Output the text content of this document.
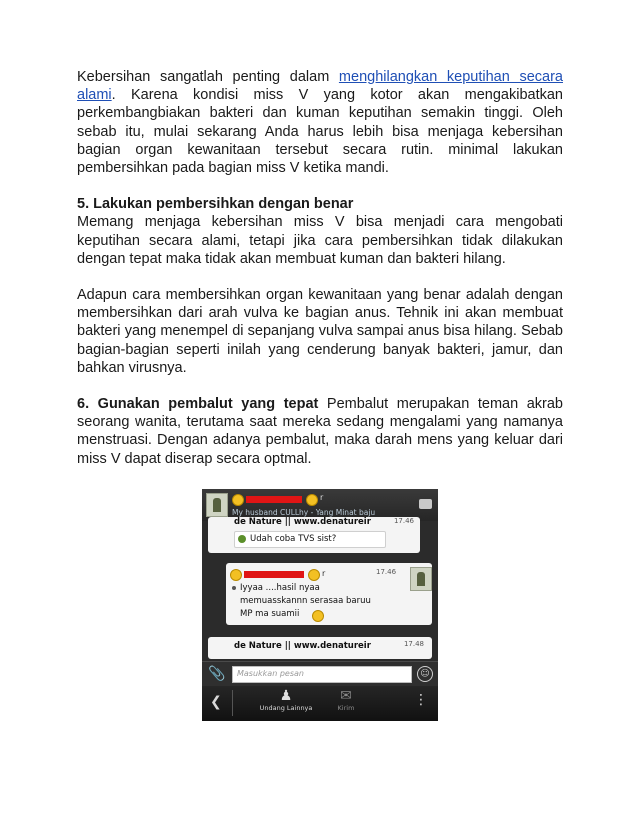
Kebersihan sangatlah penting dalam menghilangkan keputihan secara alami. Karena kondisi miss V yang kotor akan mengakibatkan perkembangbiakan bakteri dan kuman keputihan semakin tinggi. Oleh sebab itu, mulai sekarang Anda harus lebih bisa menjaga kebersihan bagian organ kewanitaan tersebut secara rutin. minimal lakukan pembersihkan pada bagian miss V ketika mandi.

5. Lakukan pembersihkan dengan benar
Memang menjaga kebersihan miss V bisa menjadi cara mengobati keputihan secara alami, tetapi jika cara pembersihkan tidak dilakukan dengan tepat maka tidak akan membuat kuman dan bakteri hilang.

Adapun cara membersihkan organ kewanitaan yang benar adalah dengan membersihkan dari arah vulva ke bagian anus. Tehnik ini akan membuat bakteri yang menempel di sepanjang vulva sampai anus bisa hilang. Sebab bagian-bagian seperti inilah yang cenderung banyak bakteri, jamur, dan bahkan virusnya.

6. Gunakan pembalut yang tepat Pembalut merupakan teman akrab seorang wanita, terutama saat mereka sedang mengalami yang namanya menstruasi. Dengan adanya pembalut, maka darah mens yang keluar dari miss V dapat diserap secara optmal.

r
My husband CULLhy - Yang Minat baju
de Nature || www.denatureir	17.46
Udah coba TVS sist?
r	17.46
Iyyaa ....hasil nyaa
memuasskannn serasaa baruu
MP ma suamii
de Nature || www.denatureir	17.48
📎 Masukkan pesan	☺
❮	♟
Undang Lainnya
✉
Kirim	⋮
